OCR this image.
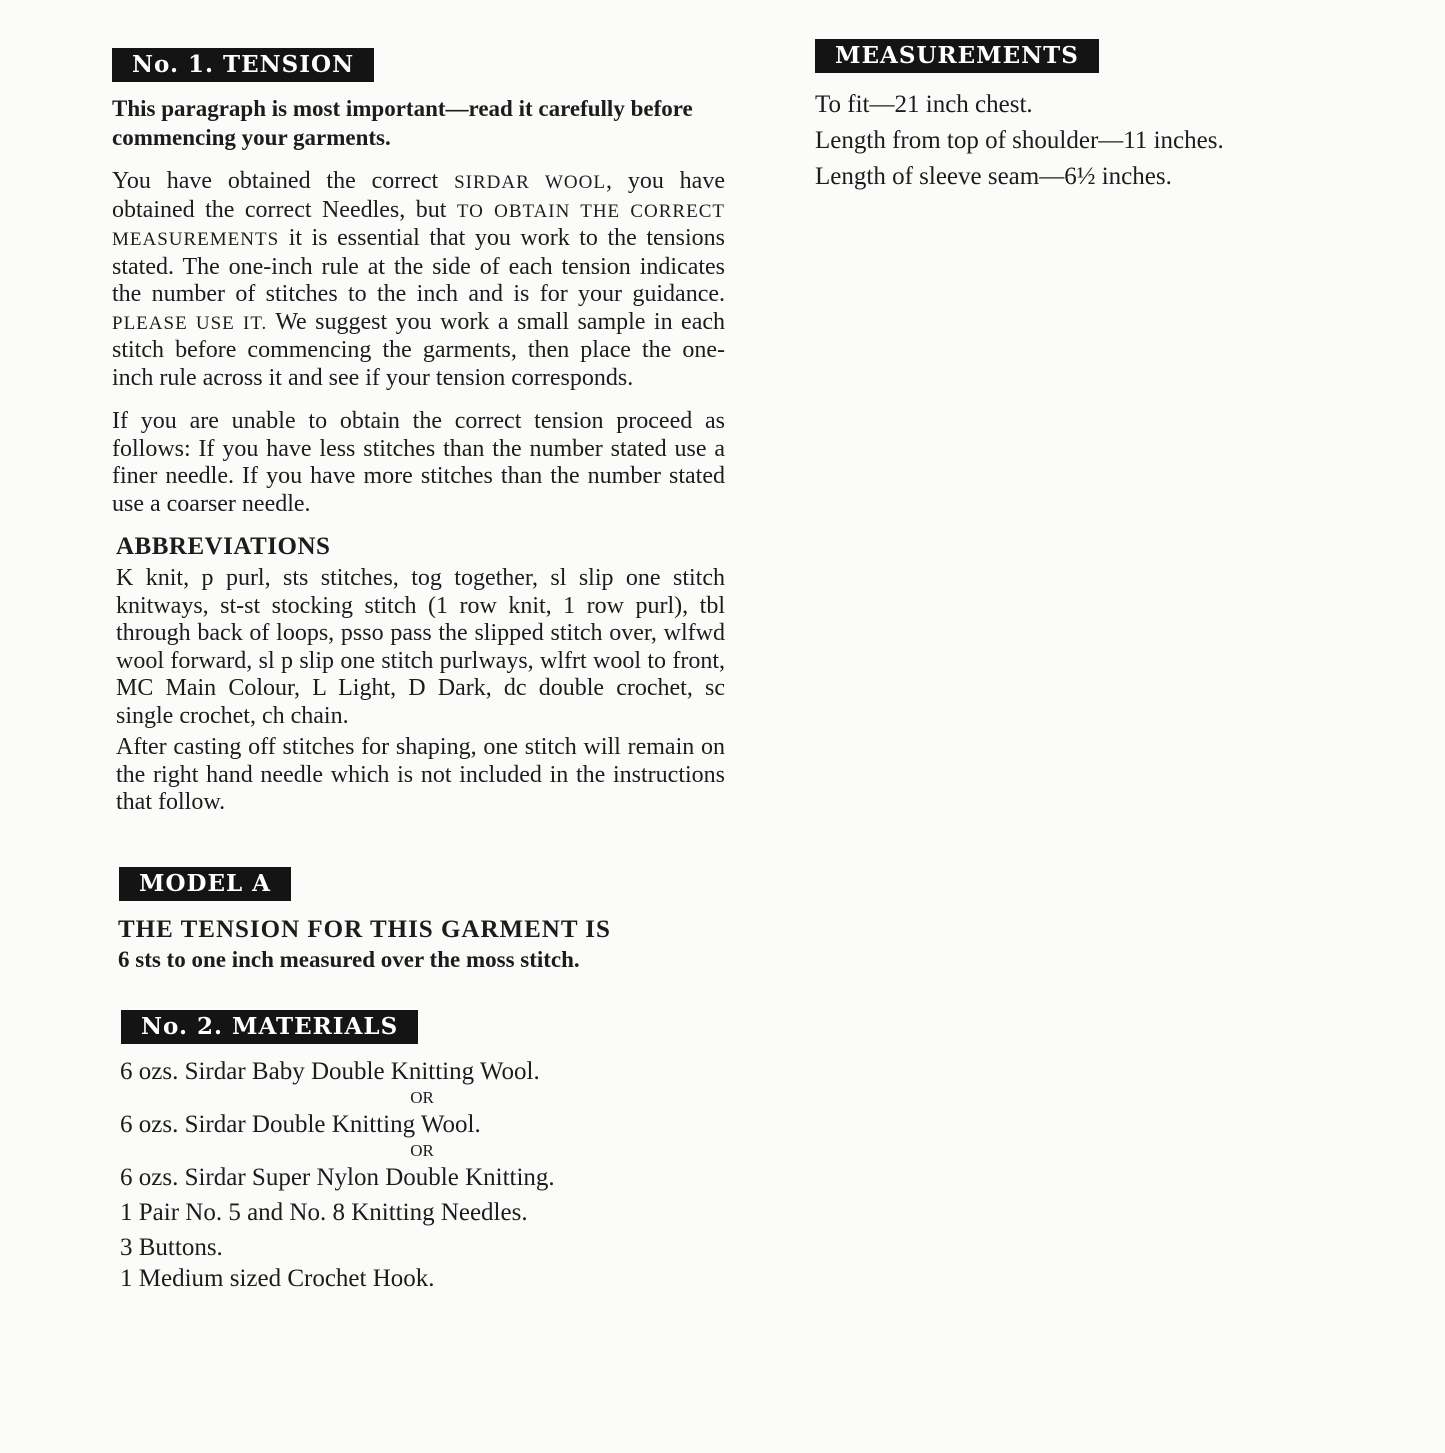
No. 1. TENSION

This paragraph is most important—read it carefully before commencing your garments.

You have obtained the correct SIRDAR WOOL, you have obtained the correct Needles, but TO OBTAIN THE CORRECT MEASUREMENTS it is essential that you work to the tensions stated. The one-inch rule at the side of each tension indicates the number of stitches to the inch and is for your guidance. PLEASE USE IT. We suggest you work a small sample in each stitch before commencing the garments, then place the one-inch rule across it and see if your tension corresponds.

If you are unable to obtain the correct tension proceed as follows: If you have less stitches than the number stated use a finer needle. If you have more stitches than the number stated use a coarser needle.

ABBREVIATIONS

K knit, p purl, sts stitches, tog together, sl slip one stitch knitways, st-st stocking stitch (1 row knit, 1 row purl), tbl through back of loops, psso pass the slipped stitch over, wlfwd wool forward, sl p slip one stitch purlways, wlfrt wool to front, MC Main Colour, L Light, D Dark, dc double crochet, sc single crochet, ch chain.

After casting off stitches for shaping, one stitch will remain on the right hand needle which is not included in the instructions that follow.

MODEL A
THE TENSION FOR THIS GARMENT IS

6 sts to one inch measured over the moss stitch.

No. 2. MATERIALS
6 ozs. Sirdar Baby Double Knitting Wool.
OR
6 ozs. Sirdar Double Knitting Wool.
OR
6 ozs. Sirdar Super Nylon Double Knitting.
1 Pair No. 5 and No. 8 Knitting Needles.
3 Buttons.
1 Medium sized Crochet Hook.
MEASUREMENTS

To fit—21 inch chest.

Length from top of shoulder—11 inches.

Length of sleeve seam—6½ inches.
